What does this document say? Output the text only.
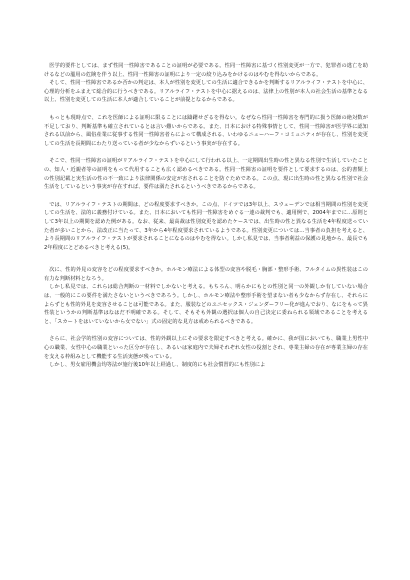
医学的要件としては、まず性同一性障害であることの証明が必要である。性同一性障害に基づく性別変更が一方で、犯罪者の逃亡を助けるなどの濫用の危険を伴う以上、性同一性障害の証明により一定の絞り込みをかけるのはやむを得ないからである。

そして、性同一性障害であるか否かの判定は、本人が性別を変更しての生活に適合できるかを判断するリアルライフ・テストを中心に、心理的分析をふまえて総合的に行うべきである。リアルライフ・テストを中心に据えるのは、法律上の性別が本人の社会生活の基準となる以上、性別を変更しての生活に本人が適合していることが前提となるからである。

もっとも現時点で、これを医師による証明に限ることには躊躇せざるを得ない。なぜなら性同一性障害を専門的に扱う医師の絶対数が不足しており、判断基準も確立されているとは言い難いからである。また、日本における特殊事情として、性同一性障害が医学界に認知される以前から、風俗産業に従事する性同一性障害者らによって構成される、いわゆるニューハーフ・コミュニティが存在し、性別を変更しての生活を長期間にわたり送っている者が少なからずいるという事実が存在する。

そこで、性同一性障害の証明がリアルライフ・テストを中心にして行われる以上、一定期間出生時の性と異なる性別で生活していたことの、知人・近親者等の証明をもって代用することも広く認めるべきである。性同一性障害の証明を要件として要求するのは、公的書類上の性別記載と実生活の性の不一致により法律関係の安定が害されることを防ぐためである。この点、現に出生時の性と異なる性別で社会生活をしているという事実が存在すれば、要件は満たされるというべきであるからである。

では、リアルライフ・テストの期間は、どの程度要求すべきか。この点、ドイツでは3年以上、スウェーデンでは相当期間の性別を変更しての生活を、法的に義務付けている。また、日本においても性同一性障害をめぐる一連の裁判でも、適用例で、2004年までに…原則として3年以上の期間を認めた例がある。なお、従来、最高裁は性別変更を認めたケースでは、出生時の性と異なる生活を4年程度送っていた者が多いことから、法改正に当たって、3年から4年程度要求されているようである。性別変更については…当事者の負担を考えると、より長期間のリアルライフ・テストが要求されることになるのはやむを得ない。しかし私見では、当事者利益の保護の見地から、最長でも2年程度にとどめるべきと考える(5)。

次に、性的外見の変容をどの程度要求すべきか。ホルモン療法による体型の変容や脱毛・胸部・整形手術、フルタイムの異性装はこの有力な判断材料となろう。

しかし私見では、これらは総合判断の一材料でしかないと考える。もちろん、明らかにもとの性別と同一の外観しか有していない場合は、一般的にこの要件を満たさないというべきであろう。しかし、ホルモン療法や整形手術を望まない者も少なからず存在し、それらによらずとも性的外見を変容させることは可能である。また、服装などのユニセックス・ジェンダーフリー化が進んでおり、なにをもって異性装というかの判断基準はなはだ不明確である。そして、そもそも外観の選択は個人の自己決定に委ねられる領域であることを考えると、「スカートをはいていないから女でない」式の固定的な見方は戒められるべきである。

さらに、社会学的性別の変容については、性的外観以上にその要求を限定すべきと考える。確かに、我が国においても、職業上男性中心の職業、女性中心の職業といった区分が存在し、あるいは家庭内で夫婦それぞれ女性の役割とされ、専業主婦の存在が専業主婦の存在を支える枠組みとして機能する生活実態が残っている。

しかし、男女雇用機会均等法が施行後10年以上経過し、制度的にも社会慣習的にも性別によ
